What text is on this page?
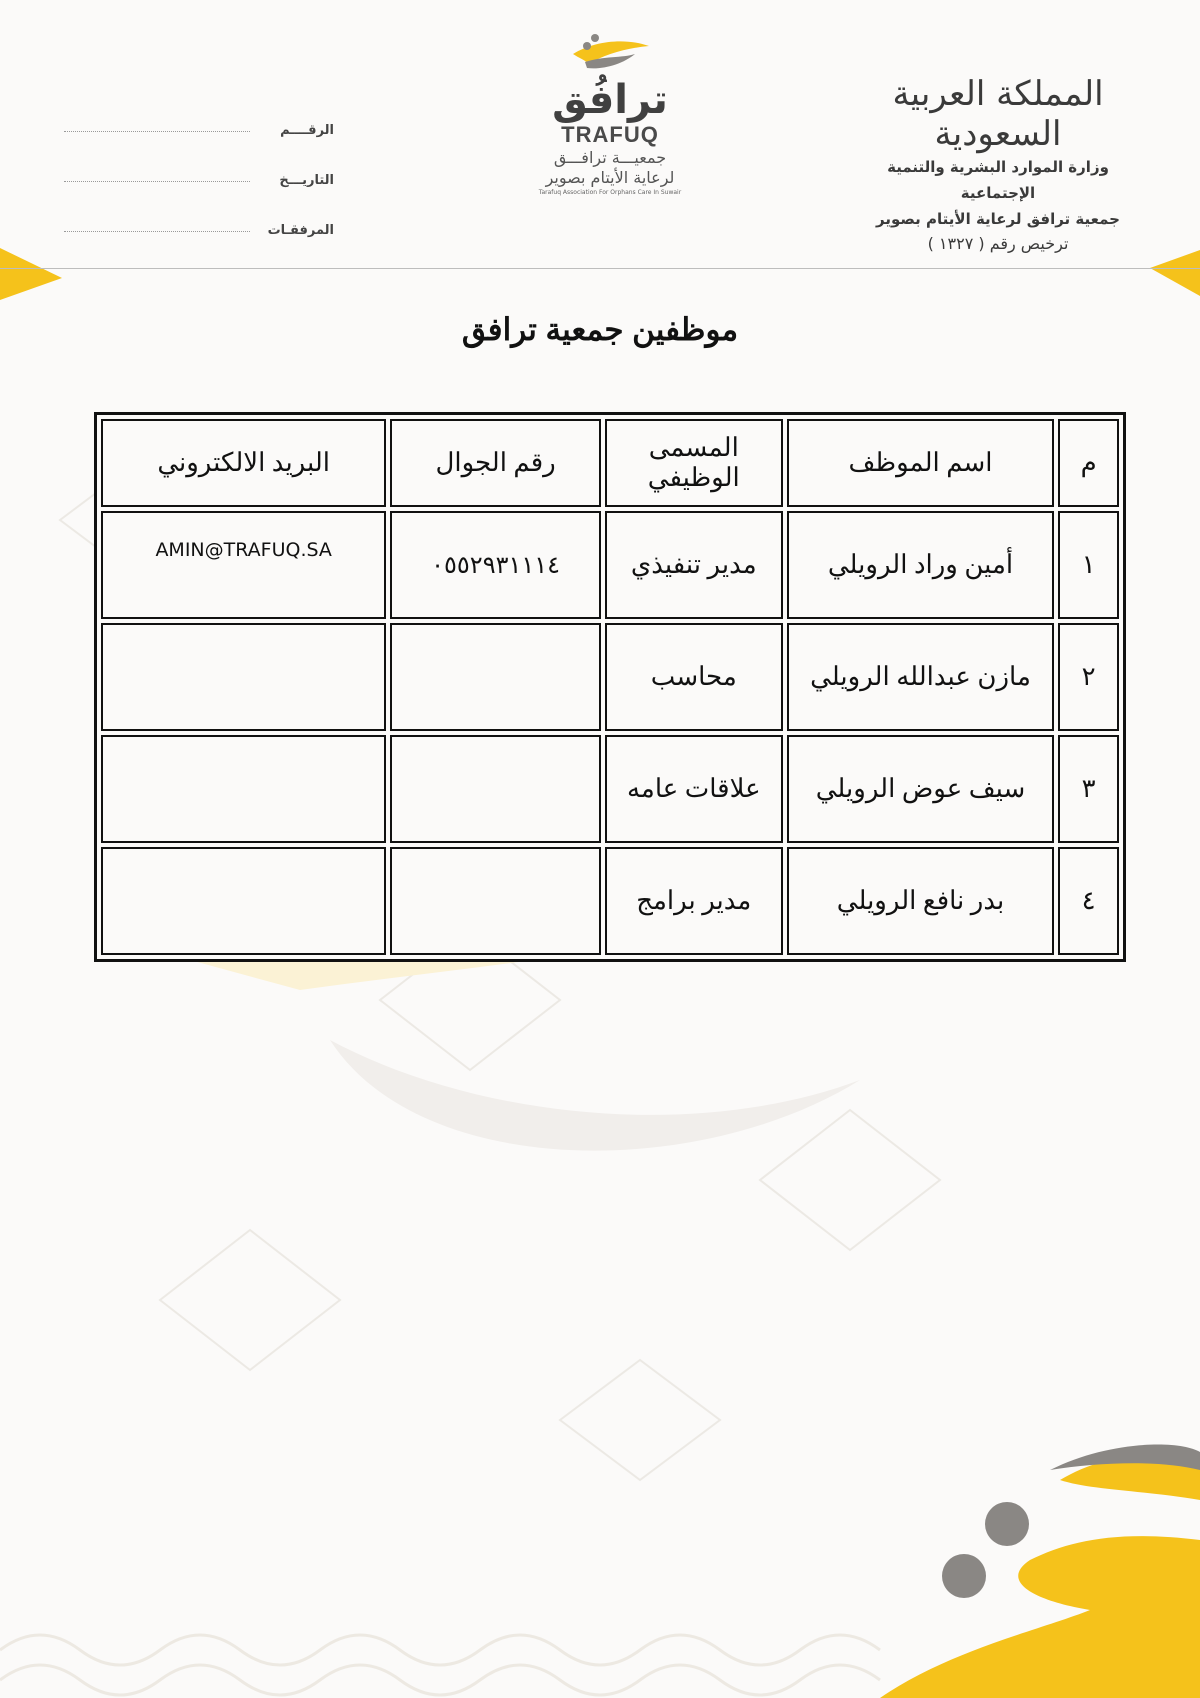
المملكة العربية السعودية
وزارة الموارد البشرية والتنمية الإجتماعية
جمعية ترافق لرعاية الأيتام بصوير
ترخيص رقم ( ١٣٢٧ )
ترافُق
TRAFUQ
جمعيـــة ترافـــق
لرعاية الأيتام بصوير
Tarafuq Association For Orphans Care In Suwair
الرقــــم
التاريـــخ
المرفقـات
موظفين جمعية ترافق
م	اسم الموظف	المسمى الوظيفي	رقم الجوال	البريد الالكتروني
١	أمين وراد الرويلي	مدير تنفيذي	٠٥٥٢٩٣١١١٤	AMIN@TRAFUQ.SA
٢	مازن عبدالله الرويلي	محاسب		
٣	سيف عوض الرويلي	علاقات عامه		
٤	بدر نافع الرويلي	مدير برامج		
